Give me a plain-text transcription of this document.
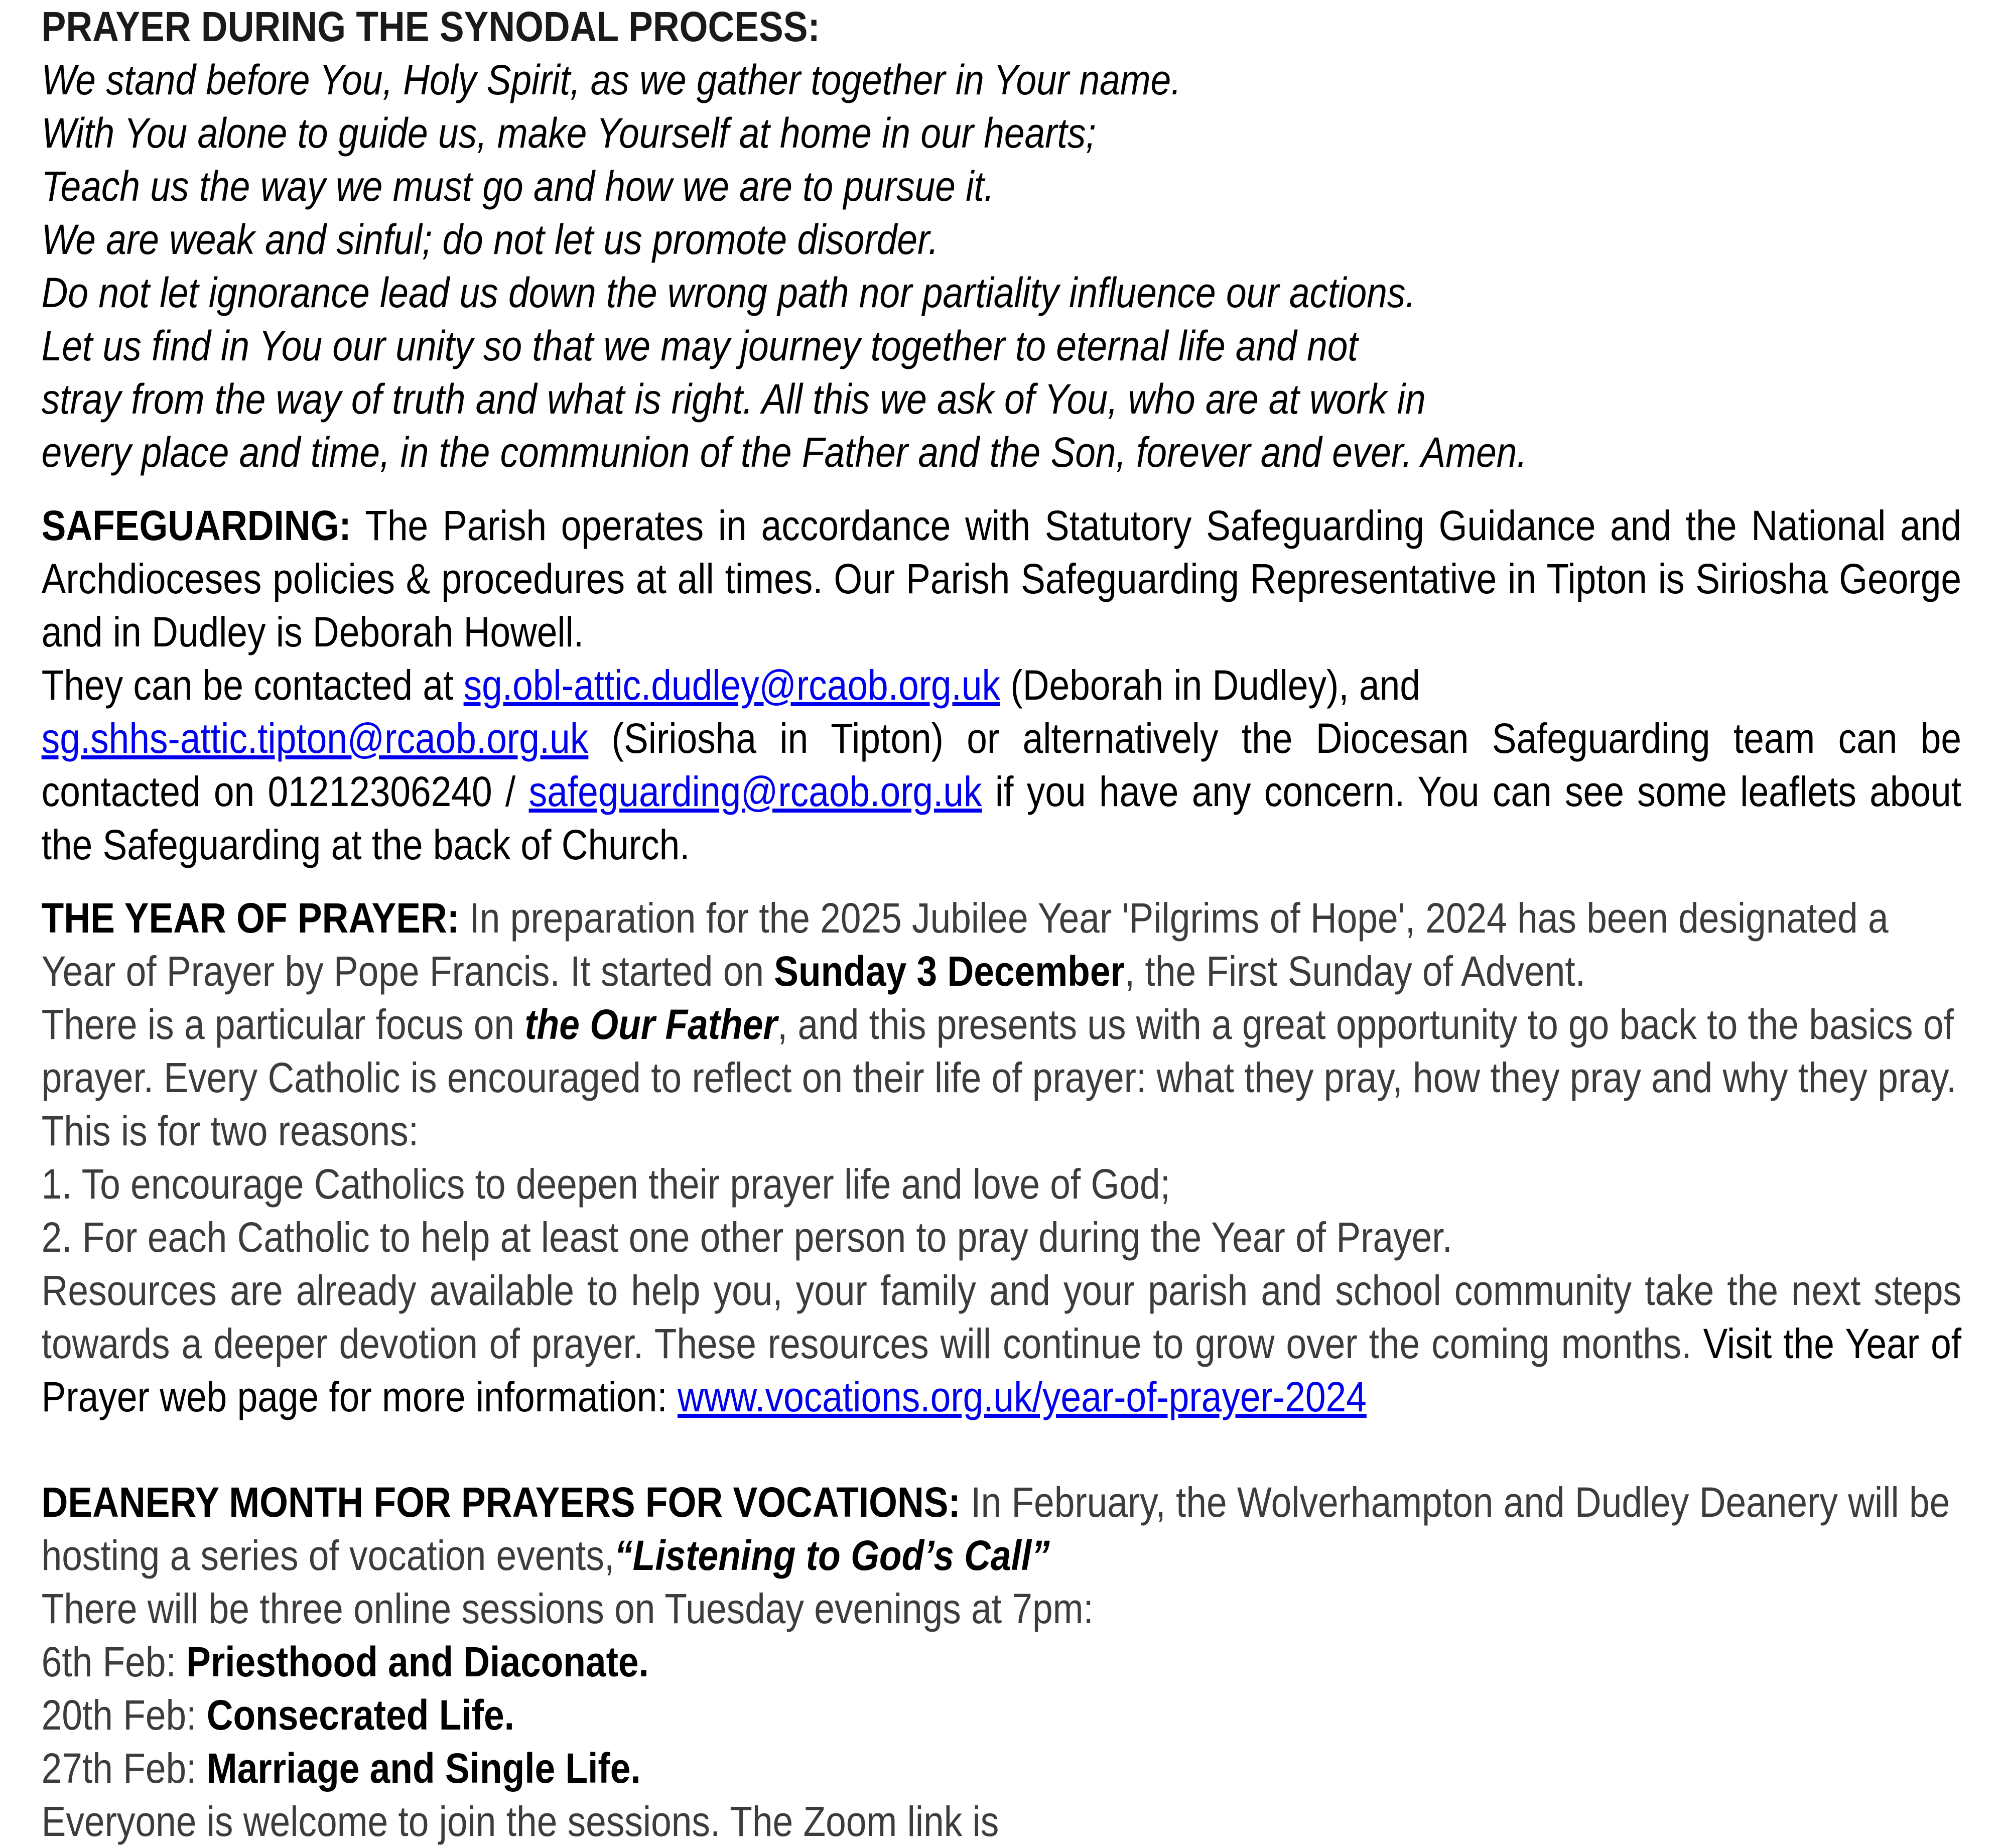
PRAYER DURING THE SYNODAL PROCESS:

We stand before You, Holy Spirit, as we gather together in Your name.

With You alone to guide us, make Yourself at home in our hearts;

Teach us the way we must go and how we are to pursue it.

We are weak and sinful; do not let us promote disorder.

Do not let ignorance lead us down the wrong path nor partiality influence our actions.

Let us find in You our unity so that we may journey together to eternal life and not

stray from the way of truth and what is right. All this we ask of You, who are at work in

every place and time, in the communion of the Father and the Son, forever and ever. Amen.

SAFEGUARDING: The Parish operates in accordance with Statutory Safeguarding Guidance and the National and Archdioceses policies & procedures at all times. Our Parish Safeguarding Representative in Tipton is Siriosha George and in Dudley is Deborah Howell.

They can be contacted at sg.obl-attic.dudley@rcaob.org.uk (Deborah in Dudley), and

sg.shhs-attic.tipton@rcaob.org.uk (Siriosha in Tipton) or alternatively the Diocesan Safeguarding team can be contacted on 01212306240 / safeguarding@rcaob.org.uk if you have any concern. You can see some leaflets about the Safeguarding at the back of Church.

THE YEAR OF PRAYER: In preparation for the 2025 Jubilee Year 'Pilgrims of Hope', 2024 has been designated a Year of Prayer by Pope Francis. It started on Sunday 3 December, the First Sunday of Advent.

There is a particular focus on the Our Father, and this presents us with a great opportunity to go back to the basics of prayer. Every Catholic is encouraged to reflect on their life of prayer: what they pray, how they pray and why they pray. This is for two reasons:

1. To encourage Catholics to deepen their prayer life and love of God;

2. For each Catholic to help at least one other person to pray during the Year of Prayer.

Resources are already available to help you, your family and your parish and school community take the next steps towards a deeper devotion of prayer. These resources will continue to grow over the coming months. Visit the Year of Prayer web page for more information: www.vocations.org.uk/year-of-prayer-2024

DEANERY MONTH FOR PRAYERS FOR VOCATIONS: In February, the Wolverhampton and Dudley Deanery will be hosting a series of vocation events,“Listening to God’s Call”

There will be three online sessions on Tuesday evenings at 7pm:

6th Feb: Priesthood and Diaconate.

20th Feb: Consecrated Life.

27th Feb: Marriage and Single Life.

Everyone is welcome to join the sessions. The Zoom link is
